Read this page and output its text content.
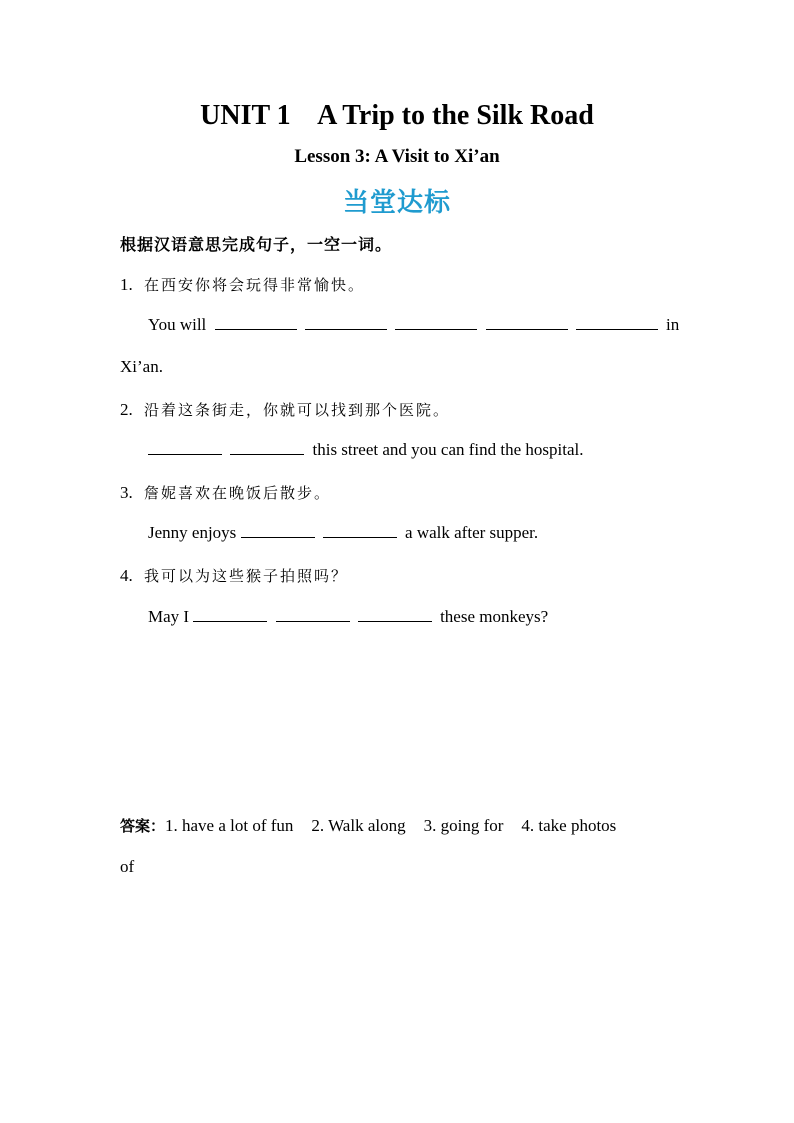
UNIT 1    A Trip to the Silk Road
Lesson 3: A Visit to Xi’an
当堂达标
根据汉语意思完成句子，一空一词。
1. 在西安你将会玩得非常愉快。
You will	in
Xi’an.
2. 沿着这条街走，你就可以找到那个医院。
this street and you can find the hospital.
3. 詹妮喜欢在晚饭后散步。
Jenny enjoys	a walk after supper.
4. 我可以为这些猴子拍照吗？
May I	these monkeys?
答案：1. have a lot of fun 2. Walk along 3. going for 4. take photos
of
